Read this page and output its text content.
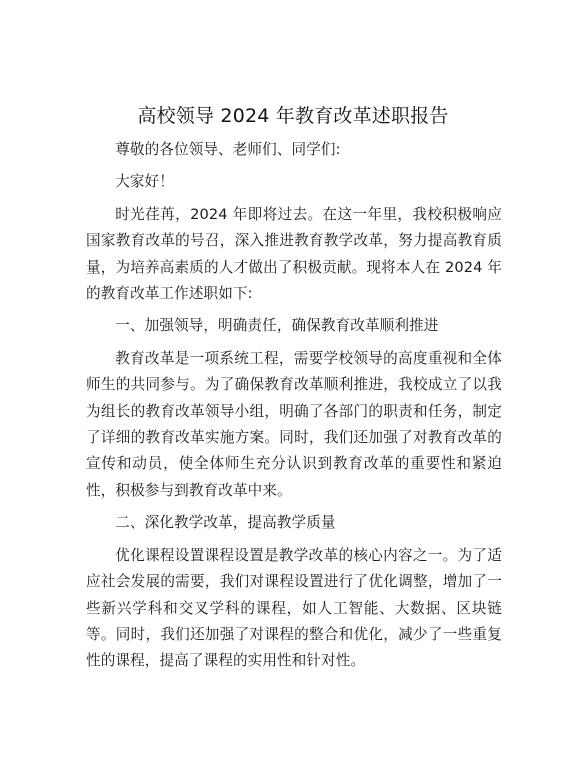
高校领导 2024 年教育改革述职报告

尊敬的各位领导、老师们、同学们:

大家好！

时光荏苒，2024 年即将过去。在这一年里，我校积极响应国家教育改革的号召，深入推进教育教学改革，努力提高教育质量，为培养高素质的人才做出了积极贡献。现将本人在 2024 年的教育改革工作述职如下:

一、加强领导，明确责任，确保教育改革顺利推进

教育改革是一项系统工程，需要学校领导的高度重视和全体师生的共同参与。为了确保教育改革顺利推进，我校成立了以我为组长的教育改革领导小组，明确了各部门的职责和任务，制定了详细的教育改革实施方案。同时，我们还加强了对教育改革的宣传和动员，使全体师生充分认识到教育改革的重要性和紧迫性，积极参与到教育改革中来。

二、深化教学改革，提高教学质量

优化课程设置课程设置是教学改革的核心内容之一。为了适应社会发展的需要，我们对课程设置进行了优化调整，增加了一些新兴学科和交叉学科的课程，如人工智能、大数据、区块链等。同时，我们还加强了对课程的整合和优化，减少了一些重复性的课程，提高了课程的实用性和针对性。
